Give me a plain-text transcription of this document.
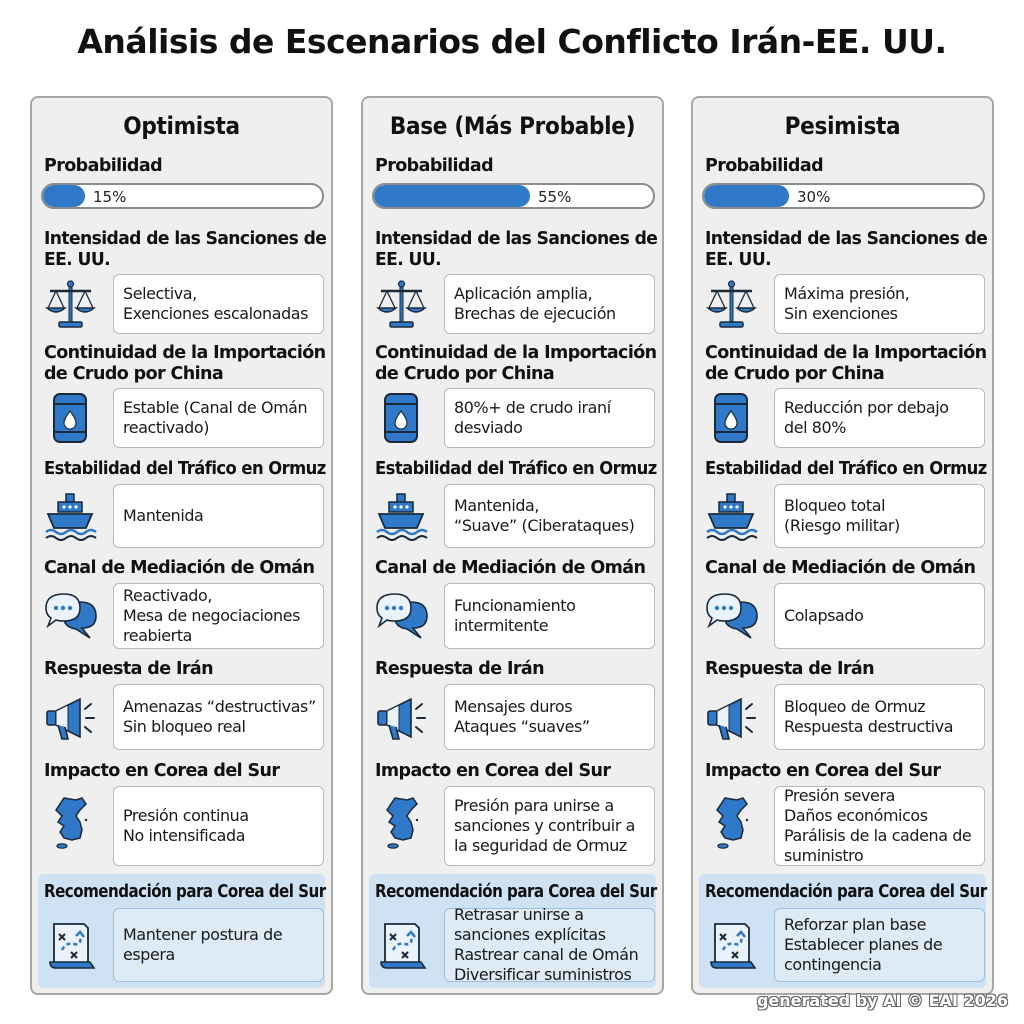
Análisis de Escenarios del Conflicto Irán-EE. UU.
Optimista
Probabilidad
15%
Intensidad de las Sanciones de
EE. UU.
Selectiva,
Exenciones escalonadas
Continuidad de la Importación
de Crudo por China
Estable (Canal de Omán
reactivado)
Estabilidad del Tráfico en Ormuz
Mantenida
Canal de Mediación de Omán
Reactivado,
Mesa de negociaciones
reabierta
Respuesta de Irán
Amenazas “destructivas”
Sin bloqueo real
Impacto en Corea del Sur
Presión continua
No intensificada
Recomendación para Corea del Sur
Mantener postura de
espera
Base (Más Probable)
Probabilidad
55%
Intensidad de las Sanciones de
EE. UU.
Aplicación amplia,
Brechas de ejecución
Continuidad de la Importación
de Crudo por China
80%+ de crudo iraní
desviado
Estabilidad del Tráfico en Ormuz
Mantenida,
“Suave” (Ciberataques)
Canal de Mediación de Omán
Funcionamiento
intermitente
Respuesta de Irán
Mensajes duros
Ataques “suaves”
Impacto en Corea del Sur
Presión para unirse a
sanciones y contribuir a
la seguridad de Ormuz
Recomendación para Corea del Sur
Retrasar unirse a
sanciones explícitas
Rastrear canal de Omán
Diversificar suministros
Pesimista
Probabilidad
30%
Intensidad de las Sanciones de
EE. UU.
Máxima presión,
Sin exenciones
Continuidad de la Importación
de Crudo por China
Reducción por debajo
del 80%
Estabilidad del Tráfico en Ormuz
Bloqueo total
(Riesgo militar)
Canal de Mediación de Omán
Colapsado
Respuesta de Irán
Bloqueo de Ormuz
Respuesta destructiva
Impacto en Corea del Sur
Presión severa
Daños económicos
Parálisis de la cadena de
suministro
Recomendación para Corea del Sur
Reforzar plan base
Establecer planes de
contingencia
generated by AI © EAI 2026
